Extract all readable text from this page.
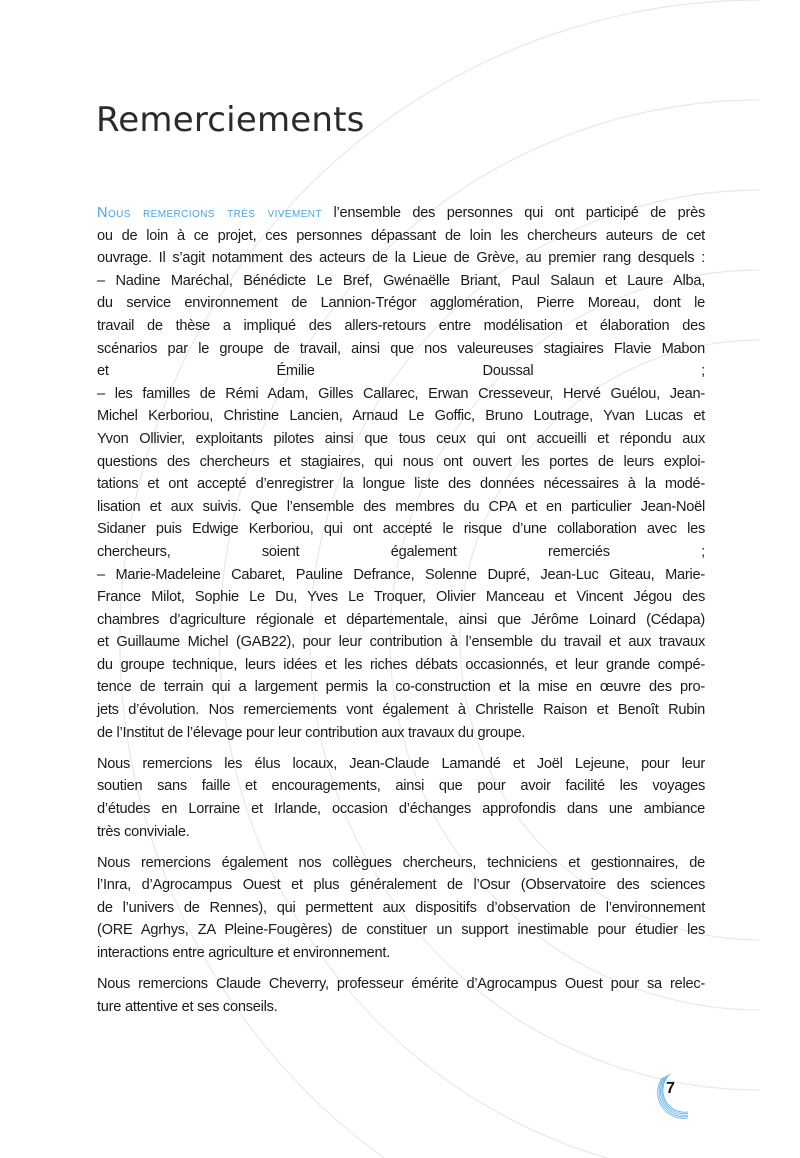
Remerciements
Nous remercions très vivement l’ensemble des personnes qui ont participé de près
ou de loin à ce projet, ces personnes dépassant de loin les chercheurs auteurs de cet
ouvrage. Il s’agit notamment des acteurs de la Lieue de Grève, au premier rang desquels :
– Nadine Maréchal, Bénédicte Le Bref, Gwénaëlle Briant, Paul Salaun et Laure Alba,
du service environnement de Lannion-Trégor agglomération, Pierre Moreau, dont le
travail de thèse a impliqué des allers-retours entre modélisation et élaboration des
scénarios par le groupe de travail, ainsi que nos valeureuses stagiaires Flavie Mabon
et Émilie Doussal ;
– les familles de Rémi Adam, Gilles Callarec, Erwan Cresseveur, Hervé Guélou, Jean-
Michel Kerboriou, Christine Lancien, Arnaud Le Goffic, Bruno Loutrage, Yvan Lucas et
Yvon Ollivier, exploitants pilotes ainsi que tous ceux qui ont accueilli et répondu aux
questions des chercheurs et stagiaires, qui nous ont ouvert les portes de leurs exploi-
tations et ont accepté d’enregistrer la longue liste des données nécessaires à la modé-
lisation et aux suivis. Que l’ensemble des membres du CPA et en particulier Jean-Noël
Sidaner puis Edwige Kerboriou, qui ont accepté le risque d’une collaboration avec les
chercheurs, soient également remerciés ;
– Marie-Madeleine Cabaret, Pauline Defrance, Solenne Dupré, Jean-Luc Giteau, Marie-
France Milot, Sophie Le Du, Yves Le Troquer, Olivier Manceau et Vincent Jégou des
chambres d’agriculture régionale et départementale, ainsi que Jérôme Loinard (Cédapa)
et Guillaume Michel (GAB22), pour leur contribution à l’ensemble du travail et aux travaux
du groupe technique, leurs idées et les riches débats occasionnés, et leur grande compé-
tence de terrain qui a largement permis la co-construction et la mise en œuvre des pro-
jets d’évolution. Nos remerciements vont également à Christelle Raison et Benoît Rubin
de l’Institut de l’élevage pour leur contribution aux travaux du groupe.
Nous remercions les élus locaux, Jean-Claude Lamandé et Joël Lejeune, pour leur
soutien sans faille et encouragements, ainsi que pour avoir facilité les voyages
d’études en Lorraine et Irlande, occasion d’échanges approfondis dans une ambiance
très conviviale.
Nous remercions également nos collègues chercheurs, techniciens et gestionnaires, de
l’Inra, d’Agrocampus Ouest et plus généralement de l’Osur (Observatoire des sciences
de l’univers de Rennes), qui permettent aux dispositifs d’observation de l’environnement
(ORE Agrhys, ZA Pleine-Fougères) de constituer un support inestimable pour étudier les
interactions entre agriculture et environnement.
Nous remercions Claude Cheverry, professeur émérite d’Agrocampus Ouest pour sa relec-
ture attentive et ses conseils.
7
